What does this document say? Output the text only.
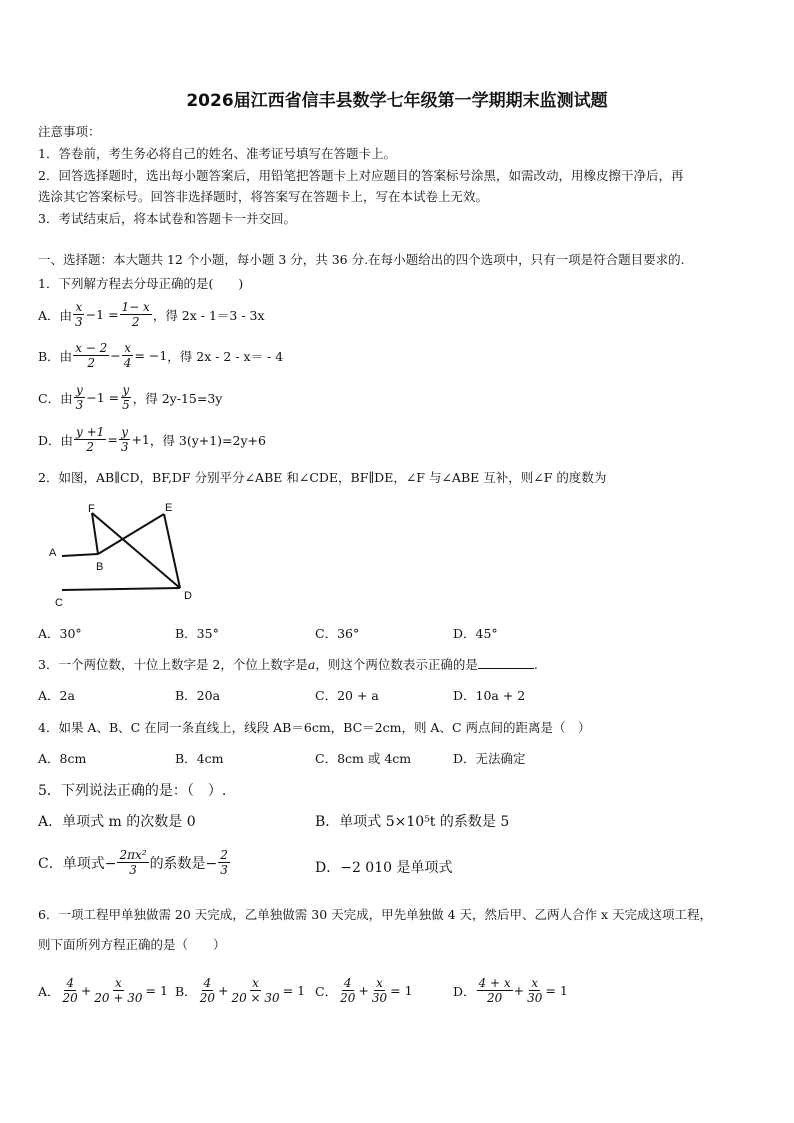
2026届江西省信丰县数学七年级第一学期期末监测试题
注意事项：
1．答卷前，考生务必将自己的姓名、准考证号填写在答题卡上。
2．回答选择题时，选出每小题答案后，用铅笔把答题卡上对应题目的答案标号涂黑，如需改动，用橡皮擦干净后，再
选涂其它答案标号。回答非选择题时，将答案写在答题卡上，写在本试卷上无效。
3．考试结束后，将本试卷和答题卡一并交回。
一、选择题：本大题共 12 个小题，每小题 3 分，共 36 分.在每小题给出的四个选项中，只有一项是符合题目要求的.
1．下列解方程去分母正确的是(　　)
A．由 $\frac{x}{3} -1 = \frac{1- x}{2}$ ，得 2x - 1＝3 - 3x
B．由 $\frac{x - 2}{2} - \frac{x}{4} = -1$ ，得 2x - 2 - x＝ - 4
C．由 $\frac{y}{3} -1 = \frac{y}{5}$ ，得 2y-15=3y
D．由 $\frac{y +1}{2} = \frac{y}{3} +1$ ，得 3(y+1)=2y+6
2．如图，AB∥CD，BF,DF 分别平分∠ABE 和∠CDE，BF∥DE，∠F 与∠ABE 互补，则∠F 的度数为
F	E
A
B
C
D
A．30°	B．35°	C．36°	D．45°
3．一个两位数，十位上数字是 2，个位上数字是a，则这个两位数表示正确的是	.
A．2a	B．20a	C．20 + a	D．10a + 2
4．如果 A、B、C 在同一条直线上，线段 AB＝6cm，BC＝2cm，则 A、C 两点间的距离是（　）
A．8cm	B．4cm	C．8cm 或 4cm	D．无法确定
5．下列说法正确的是：（　）.
A．单项式 m 的次数是 0	B．单项式 5×10⁵t 的系数是 5
C．单项式− $\frac{\text{2πx²}}{3}$ 的系数是− $\frac{2}{3}$	D．−2 010 是单项式
6．一项工程甲单独做需 20 天完成，乙单独做需 30 天完成，甲先单独做 4 天，然后甲、乙两人合作 x 天完成这项工程，
则下面所列方程正确的是（　　）
A． $\frac{4}{20} + \frac{x}{20 + 30} = 1$ B． $\frac{4}{20} + \frac{x}{20 \times 30} = 1$ C． $\frac{4}{20} + \frac{x}{30} = 1$	D． $\frac{4 + x}{20} + \frac{x}{30} = 1$
